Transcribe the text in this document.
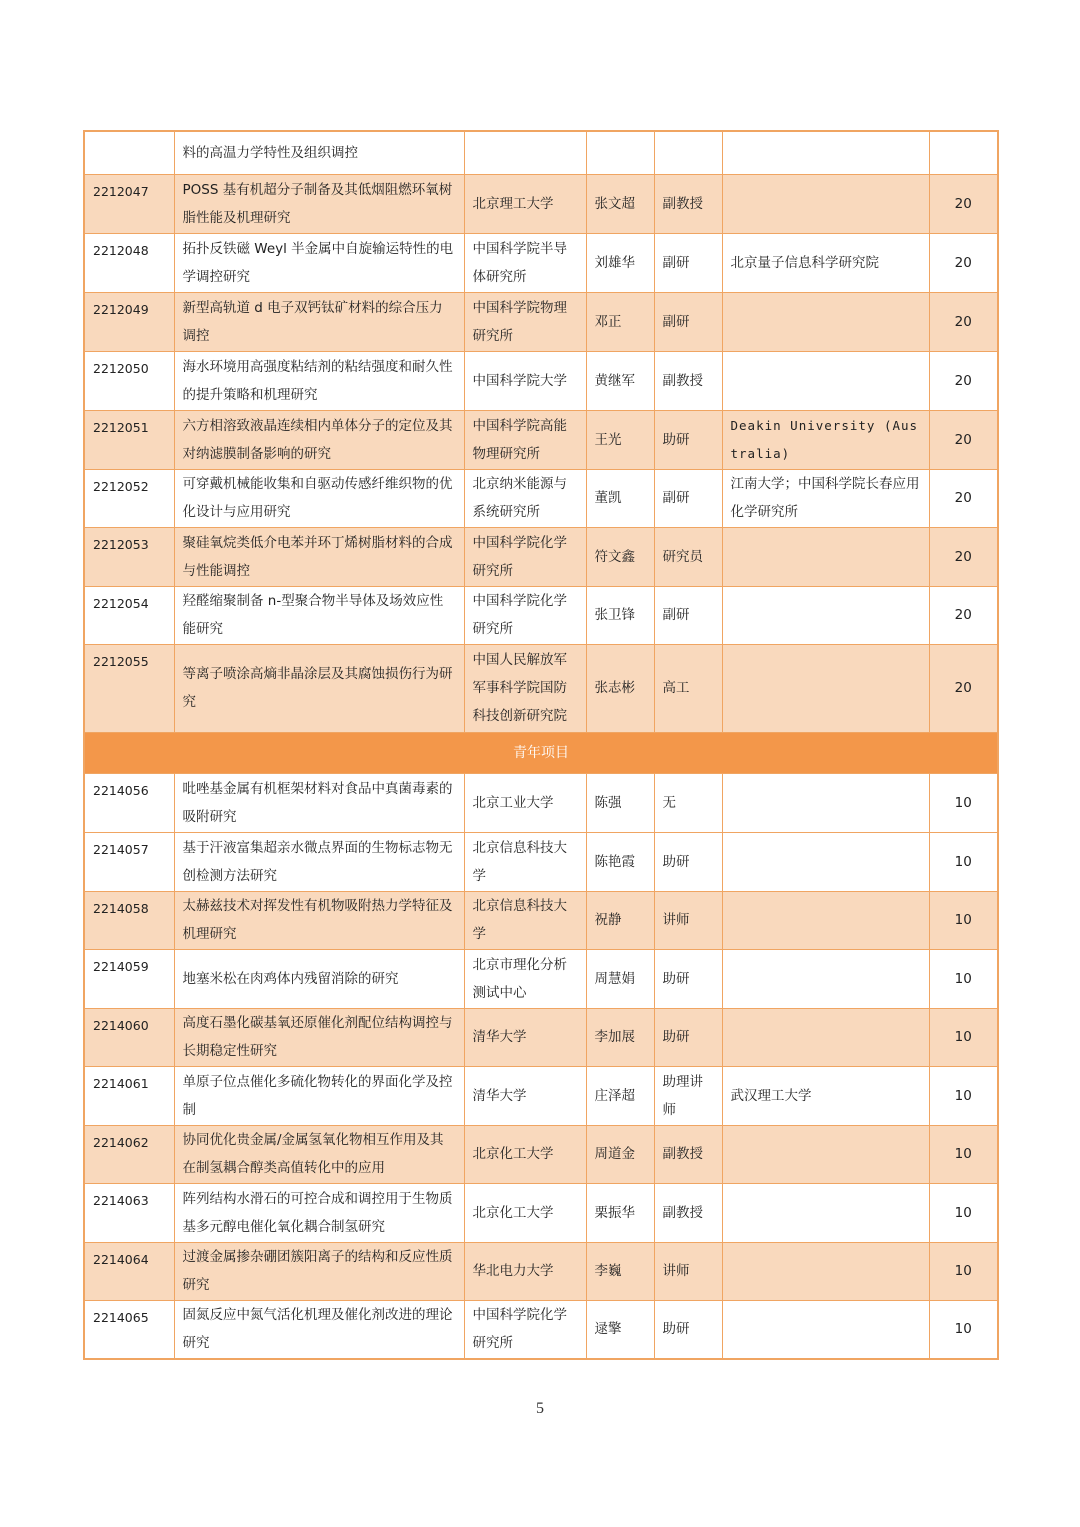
	料的高温力学特性及组织调控					
2212047	POSS 基有机超分子制备及其低烟阻燃环氧树脂性能及机理研究	北京理工大学	张文超	副教授		20
2212048	拓扑反铁磁 Weyl 半金属中自旋输运特性的电学调控研究	中国科学院半导体研究所	刘雄华	副研	北京量子信息科学研究院	20
2212049	新型高轨道 d 电子双钙钛矿材料的综合压力调控	中国科学院物理研究所	邓正	副研		20
2212050	海水环境用高强度粘结剂的粘结强度和耐久性的提升策略和机理研究	中国科学院大学	黄继军	副教授		20
2212051	六方相溶致液晶连续相内单体分子的定位及其对纳滤膜制备影响的研究	中国科学院高能物理研究所	王光	助研	Deakin University (Australia)	20
2212052	可穿戴机械能收集和自驱动传感纤维织物的优化设计与应用研究	北京纳米能源与系统研究所	董凯	副研	江南大学；中国科学院长春应用化学研究所	20
2212053	聚硅氧烷类低介电苯并环丁烯树脂材料的合成与性能调控	中国科学院化学研究所	符文鑫	研究员		20
2212054	羟醛缩聚制备 n-型聚合物半导体及场效应性能研究	中国科学院化学研究所	张卫锋	副研		20
2212055	等离子喷涂高熵非晶涂层及其腐蚀损伤行为研究	中国人民解放军军事科学院国防科技创新研究院	张志彬	高工		20
青年项目						
2214056	吡唑基金属有机框架材料对食品中真菌毒素的吸附研究	北京工业大学	陈强	无		10
2214057	基于汗液富集超亲水微点界面的生物标志物无创检测方法研究	北京信息科技大学	陈艳霞	助研		10
2214058	太赫兹技术对挥发性有机物吸附热力学特征及机理研究	北京信息科技大学	祝静	讲师		10
2214059	地塞米松在肉鸡体内残留消除的研究	北京市理化分析测试中心	周慧娟	助研		10
2214060	高度石墨化碳基氧还原催化剂配位结构调控与长期稳定性研究	清华大学	李加展	助研		10
2214061	单原子位点催化多硫化物转化的界面化学及控制	清华大学	庄泽超	助理讲师	武汉理工大学	10
2214062	协同优化贵金属/金属氢氧化物相互作用及其在制氢耦合醇类高值转化中的应用	北京化工大学	周道金	副教授		10
2214063	阵列结构水滑石的可控合成和调控用于生物质基多元醇电催化氧化耦合制氢研究	北京化工大学	栗振华	副教授		10
2214064	过渡金属掺杂硼团簇阳离子的结构和反应性质研究	华北电力大学	李巍	讲师		10
2214065	固氮反应中氮气活化机理及催化剂改进的理论研究	中国科学院化学研究所	逯擎	助研		10
5
